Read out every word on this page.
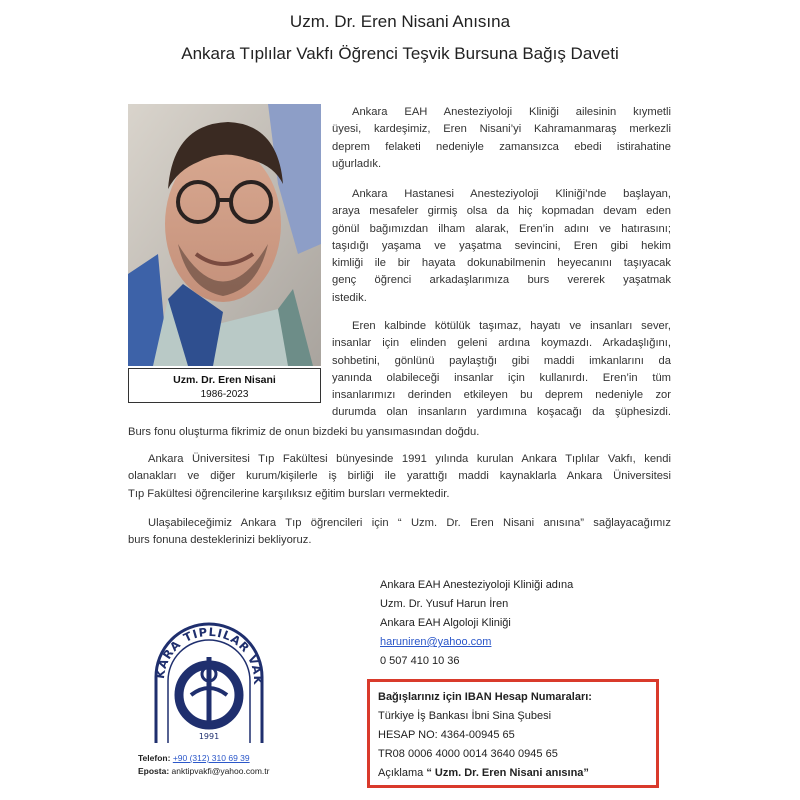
Uzm. Dr. Eren Nisani Anısına
Ankara Tıplılar Vakfı Öğrenci Teşvik Bursuna Bağış Daveti
Uzm. Dr. Eren Nisani
1986-2023
Ankara EAH Anesteziyoloji Kliniği ailesinin kıymetli
üyesi, kardeşimiz, Eren Nisani’yi Kahramanmaraş merkezli
deprem felaketi nedeniyle zamansızca ebedi istirahatine
uğurladık.
Ankara Hastanesi Anesteziyoloji Kliniği’nde başlayan,
araya mesafeler girmiş olsa da hiç kopmadan devam eden
gönül bağımızdan ilham alarak, Eren’in adını ve hatırasını;
taşıdığı yaşama ve yaşatma sevincini, Eren gibi hekim
kimliği ile bir hayata dokunabilmenin heyecanını taşıyacak
genç öğrenci arkadaşlarımıza burs vererek yaşatmak
istedik.
Eren kalbinde kötülük taşımaz, hayatı ve insanları sever,
insanlar için elinden geleni ardına koymazdı. Arkadaşlığını,
sohbetini, gönlünü paylaştığı gibi maddi imkanlarını da
yanında olabileceği insanlar için kullanırdı. Eren’in tüm
insanlarımızı derinden etkileyen bu deprem nedeniyle zor
durumda olan insanların yardımına koşacağı da şüphesizdi.
Burs fonu oluşturma fikrimiz de onun bizdeki bu yansımasından doğdu.
Ankara Üniversitesi Tıp Fakültesi bünyesinde 1991 yılında kurulan Ankara Tıplılar Vakfı, kendi
olanakları ve diğer kurum/kişilerle iş birliği ile yarattığı maddi kaynaklarla Ankara Üniversitesi
Tıp Fakültesi öğrencilerine karşılıksız eğitim bursları vermektedir.
Ulaşabileceğimiz Ankara Tıp öğrencileri için “ Uzm. Dr. Eren Nisani anısına” sağlayacağımız
burs fonuna desteklerinizi bekliyoruz.
Ankara EAH Anesteziyoloji Kliniği adına
Uzm. Dr. Yusuf Harun İren
Ankara EAH Algoloji Kliniği
haruniren@yahoo.com
0 507 410 10 36
KARA TIPLILAR VAK
1991
Telefon: +90 (312) 310 69 39
Eposta: anktipvakfi@yahoo.com.tr
Bağışlarınız için IBAN Hesap Numaraları:
Türkiye İş Bankası İbni Sina Şubesi
HESAP NO: 4364-00945 65
TR08 0006 4000 0014 3640 0945 65
Açıklama “ Uzm. Dr. Eren Nisani anısına”
